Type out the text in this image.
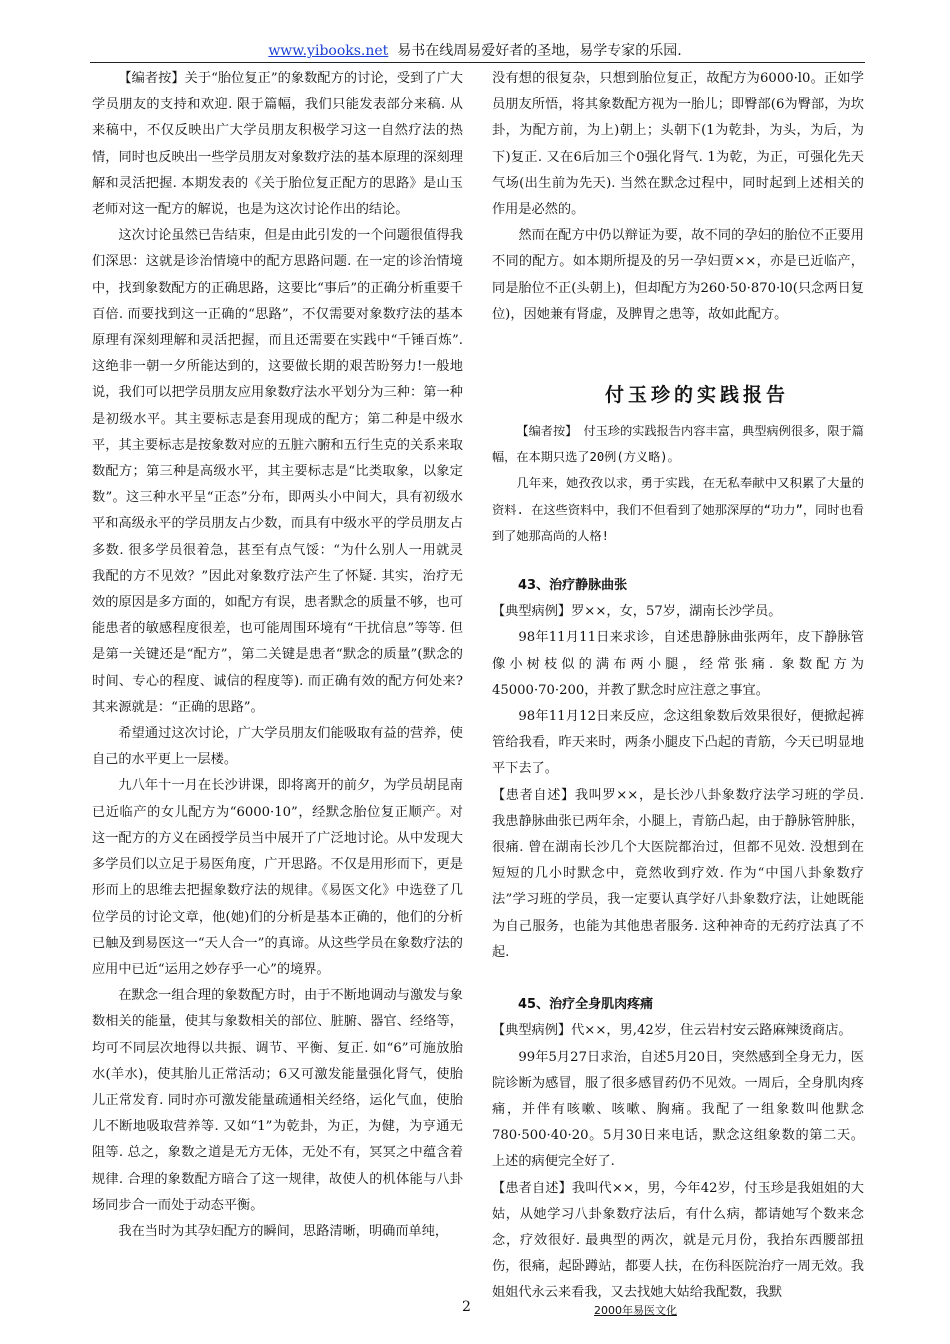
www.yibooks.net 易书在线周易爱好者的圣地，易学专家的乐园.

【编者按】关于“胎位复正”的象数配方的讨论，受到了广大学员朋友的支持和欢迎. 限于篇幅，我们只能发表部分来稿. 从来稿中，不仅反映出广大学员朋友积极学习这一自然疗法的热情，同时也反映出一些学员朋友对象数疗法的基本原理的深刻理解和灵活把握. 本期发表的《关于胎位复正配方的思路》是山玉老师对这一配方的解说，也是为这次讨论作出的结论。

这次讨论虽然已告结束，但是由此引发的一个问题很值得我们深思：这就是诊治情境中的配方思路问题. 在一定的诊治情境中，找到象数配方的正确思路，这要比“事后”的正确分析重要千百倍. 而要找到这一正确的“思路”，不仅需要对象数疗法的基本原理有深刻理解和灵活把握，而且还需要在实践中“千锤百炼”. 这绝非一朝一夕所能达到的，这要做长期的艰苦盼努力!一般地说，我们可以把学员朋友应用象数疗法水平划分为三种：第一种是初级水平。其主要标志是套用现成的配方；第二种是中级水平，其主要标志是按象数对应的五脏六腑和五行生克的关系来取数配方；第三种是高级水平，其主要标志是“比类取象，以象定数”。这三种水平呈“正态”分布，即两头小中间大，具有初级水平和高级永平的学员朋友占少数，而具有中级水平的学员朋友占多数. 很多学员很着急，甚至有点气馁：“为什么别人一用就灵我配的方不见效？”因此对象数疗法产生了怀疑. 其实，治疗无效的原因是多方面的，如配方有误，患者默念的质量不够，也可能患者的敏感程度很差，也可能周围环境有“干扰信息”等等. 但是第一关键还是“配方”，第二关键是患者“默念的质量”(默念的时间、专心的程度、诚信的程度等). 而正确有效的配方何处来?其来源就是：“正确的思路”。

希望通过这次讨论，广大学员朋友们能吸取有益的营养，使自己的水平更上一层楼。

九八年十一月在长沙讲课，即将离开的前夕，为学员胡昆南已近临产的女儿配方为“6000·10”，经默念胎位复正顺产。对这一配方的方义在函授学员当中展开了广泛地讨论。从中发现大多学员们以立足于易医角度，广开思路。不仅是用形而下，更是形而上的思维去把握象数疗法的规律。《易医文化》中选登了几位学员的讨论文章，他(她)们的分析是基本正确的，他们的分析已触及到易医这一“天人合一”的真谛。从这些学员在象数疗法的应用中已近“运用之妙存乎一心”的境界。

在默念一组合理的象数配方时，由于不断地调动与激发与象数相关的能量，使其与象数相关的部位、脏腑、器官、经络等，均可不同层次地得以共振、调节、平衡、复正. 如“6”可施放胎水(羊水)，使其胎儿正常活动；6又可激发能量强化肾气，使胎儿正常发育. 同时亦可激发能量疏通相关经络，运化气血，使胎儿不断地吸取营养等. 又如“1”为乾卦，为正，为健，为亨通无阻等. 总之，象数之道是无方无体，无处不有，冥冥之中蕴含着规律. 合理的象数配方暗合了这一规律，故使人的机体能与八卦场同步合一而处于动态平衡。

我在当时为其孕妇配方的瞬间，思路清晰，明确而单纯，

没有想的很复杂，只想到胎位复正，故配方为6000·l0。正如学员朋友所悟，将其象数配方视为一胎儿；即臀部(6为臀部，为坎卦，为配方前，为上)朝上；头朝下(1为乾卦，为头，为后，为下)复正. 又在6后加三个0强化肾气. 1为乾，为正，可强化先天气场(出生前为先天). 当然在默念过程中，同时起到上述相关的作用是必然的。

然而在配方中仍以辩证为要，故不同的孕妇的胎位不正要用不同的配方。如本期所提及的另一孕妇贾××，亦是已近临产，同是胎位不正(头朝上)，但却配方为260·50·870·l0(只念两日复位)，因她兼有肾虚，及脾胃之患等，故如此配方。

付玉珍的实践报告

【编者按】　付玉珍的实践报告内容丰富，典型病例很多，限于篇幅，在本期只选了20例(方义略)。

几年来，她孜孜以求，勇于实践，在无私奉献中又积累了大量的资料. 在这些资料中，我们不但看到了她那深厚的“功力”，同时也看到了她那高尚的人格!

43、治疗静脉曲张

【典型病例】罗××，女，57岁，湖南长沙学员。

98年11月11日来求诊，自述患静脉曲张两年，皮下静脉管像小树枝似的满布两小腿，经常张痛. 象数配方为45000·70·200，并教了默念时应注意之事宜。

98年11月12日来反应，念这组象数后效果很好，便掀起裤管给我看，昨天来时，两条小腿皮下凸起的青筋，今天已明显地平下去了。

【患者自述】我叫罗××，是长沙八卦象数疗法学习班的学员. 我患静脉曲张已两年余，小腿上，青筋凸起，由于静脉管肿胀，很痛. 曾在湖南长沙几个大医院都治过，但都不见效. 没想到在短短的几小时默念中，竟然收到疗效. 作为“中国八卦象数疗法”学习班的学员，我一定要认真学好八卦象数疗法，让她既能为自己服务，也能为其他患者服务. 这种神奇的无药疗法真了不起.

45、治疗全身肌肉疼痛

【典型病例】代××，男,42岁，住云岩村安云路麻辣烫商店。

99年5月27日求治，自述5月20日，突然感到全身无力，医院诊断为感冒，服了很多感冒药仍不见效。一周后，全身肌肉疼痛，并伴有咳嗽、咳嗽、胸痛。我配了一组象数叫他默念780·500·40·20。5月30日来电话，默念这组象数的第二天。上述的病便完全好了.

【患者自述】我叫代××，男，今年42岁，付玉珍是我姐姐的大姑，从她学习八卦象数疗法后，有什么病，都请她写个数来念念，疗效很好. 最典型的两次，就是元月份，我抬东西腰部扭伤，很痛，起卧蹲站，都要人扶，在伤科医院治疗一周无效。我姐姐代永云来看我，又去找她大姑给我配数，我默

2	2000年易医文化
